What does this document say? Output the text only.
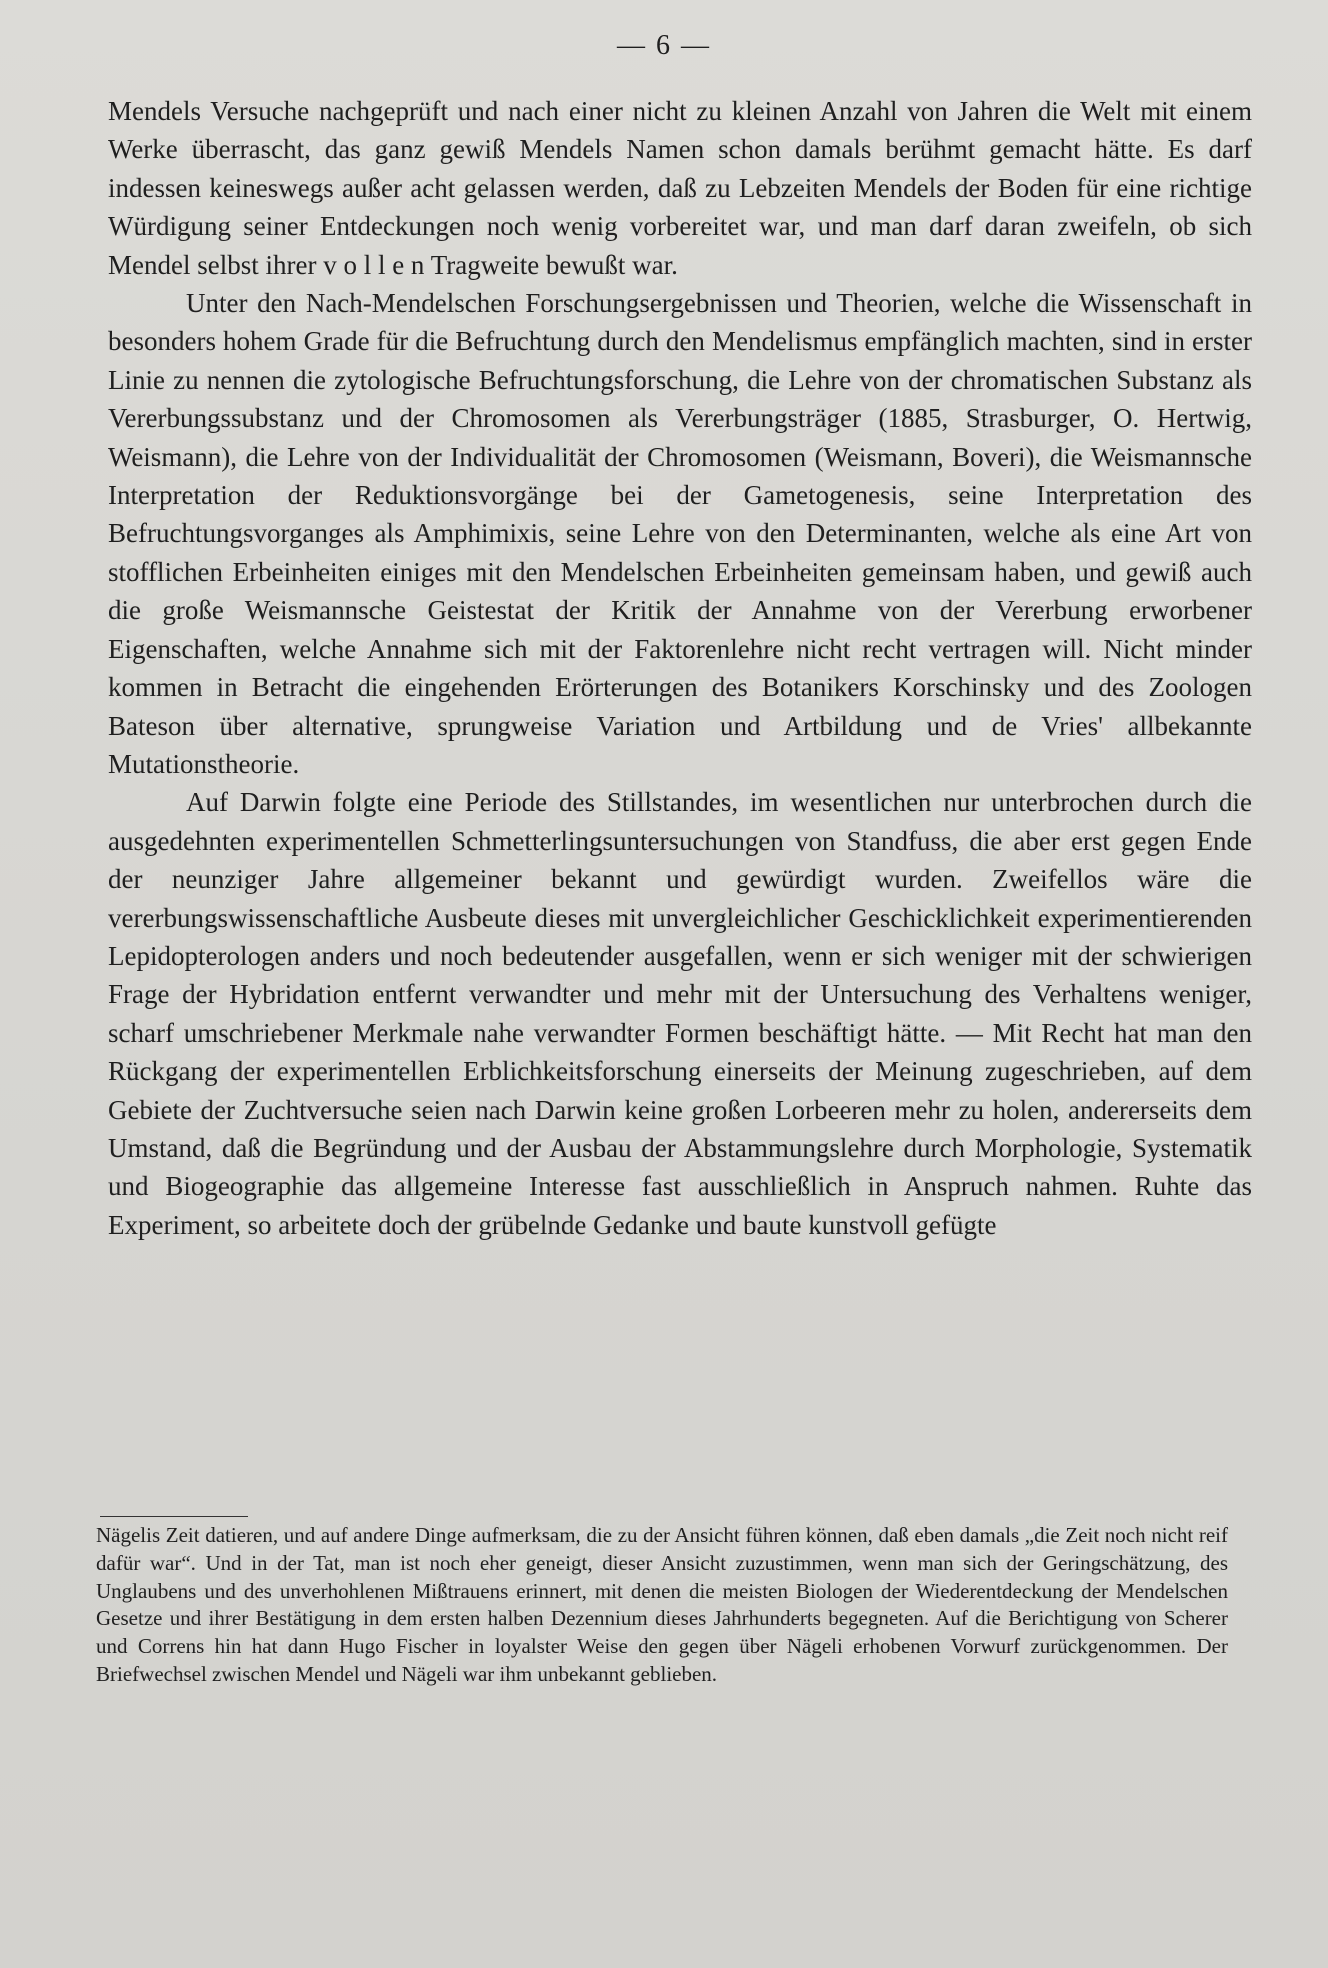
— 6 —

Mendels Versuche nachgeprüft und nach einer nicht zu kleinen Anzahl von Jahren die Welt mit einem Werke überrascht, das ganz gewiß Mendels Namen schon damals berühmt gemacht hätte. Es darf indessen keineswegs außer acht gelassen werden, daß zu Lebzeiten Mendels der Boden für eine richtige Würdigung seiner Entdeckungen noch wenig vorbereitet war, und man darf daran zweifeln, ob sich Mendel selbst ihrer v o l l e n Tragweite bewußt war.

Unter den Nach-Mendelschen Forschungsergebnissen und Theorien, welche die Wissenschaft in besonders hohem Grade für die Befruchtung durch den Mendelismus empfänglich machten, sind in erster Linie zu nennen die zytologische Befruchtungsforschung, die Lehre von der chromatischen Substanz als Vererbungssubstanz und der Chromosomen als Vererbungsträger (1885, Strasburger, O. Hertwig, Weismann), die Lehre von der Individualität der Chromosomen (Weismann, Boveri), die Weismannsche Interpretation der Reduktionsvorgänge bei der Gametogenesis, seine Interpretation des Befruchtungsvorganges als Amphimixis, seine Lehre von den Determinanten, welche als eine Art von stofflichen Erbeinheiten einiges mit den Mendelschen Erbeinheiten gemeinsam haben, und gewiß auch die große Weismannsche Geistestat der Kritik der Annahme von der Vererbung erworbener Eigenschaften, welche Annahme sich mit der Faktorenlehre nicht recht vertragen will. Nicht minder kommen in Betracht die eingehenden Erörterungen des Botanikers Korschinsky und des Zoologen Bateson über alternative, sprungweise Variation und Artbildung und de Vries' allbekannte Mutationstheorie.

Auf Darwin folgte eine Periode des Stillstandes, im wesentlichen nur unterbrochen durch die ausgedehnten experimentellen Schmetterlingsuntersuchungen von Standfuss, die aber erst gegen Ende der neunziger Jahre allgemeiner bekannt und gewürdigt wurden. Zweifellos wäre die vererbungswissenschaftliche Ausbeute dieses mit unvergleichlicher Geschicklichkeit experimentierenden Lepidopterologen anders und noch bedeutender ausgefallen, wenn er sich weniger mit der schwierigen Frage der Hybridation entfernt verwandter und mehr mit der Untersuchung des Verhaltens weniger, scharf umschriebener Merkmale nahe verwandter Formen beschäftigt hätte. — Mit Recht hat man den Rückgang der experimentellen Erblichkeitsforschung einerseits der Meinung zugeschrieben, auf dem Gebiete der Zuchtversuche seien nach Darwin keine großen Lorbeeren mehr zu holen, andererseits dem Umstand, daß die Begründung und der Ausbau der Abstammungslehre durch Morphologie, Systematik und Biogeographie das allgemeine Interesse fast ausschließlich in Anspruch nahmen. Ruhte das Experiment, so arbeitete doch der grübelnde Gedanke und baute kunstvoll gefügte

Nägelis Zeit datieren, und auf andere Dinge aufmerksam, die zu der Ansicht führen können, daß eben damals „die Zeit noch nicht reif dafür war“. Und in der Tat, man ist noch eher geneigt, dieser Ansicht zuzustimmen, wenn man sich der Geringschätzung, des Unglaubens und des unverhohlenen Mißtrauens erinnert, mit denen die meisten Biologen der Wiederentdeckung der Mendelschen Gesetze und ihrer Bestätigung in dem ersten halben Dezennium dieses Jahrhunderts begegneten. Auf die Berichtigung von Scherer und Correns hin hat dann Hugo Fischer in loyalster Weise den gegen über Nägeli erhobenen Vorwurf zurückgenommen. Der Briefwechsel zwischen Mendel und Nägeli war ihm unbekannt geblieben.
